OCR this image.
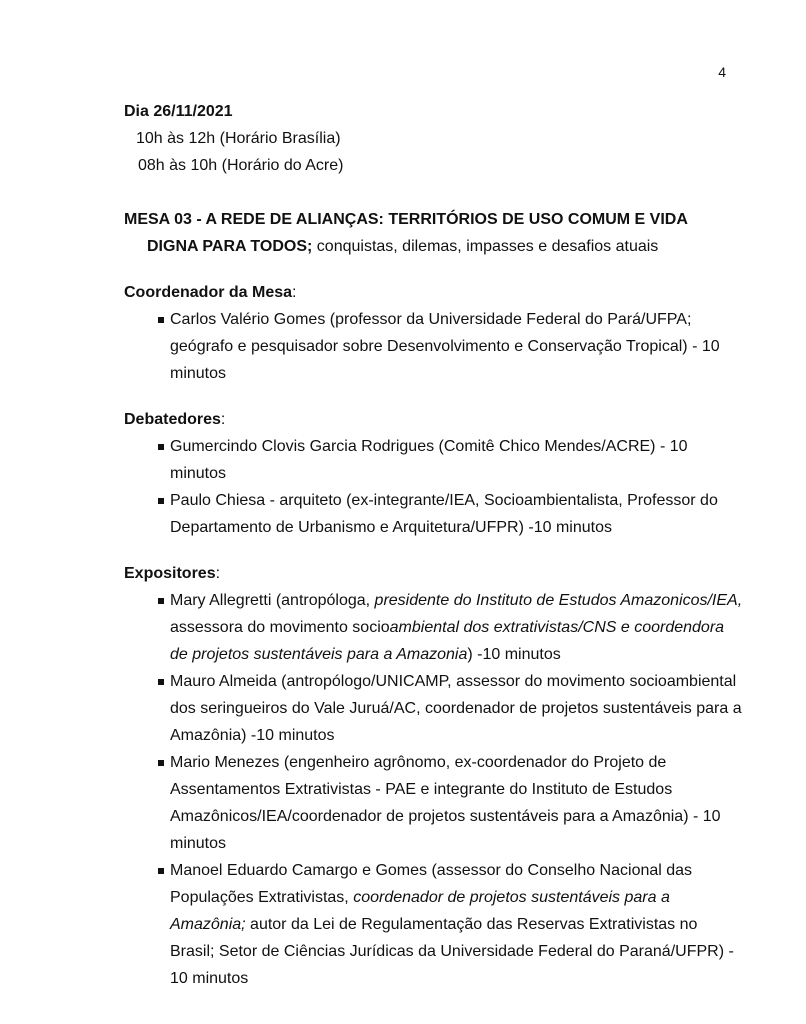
4
Dia 26/11/2021
10h às 12h (Horário Brasília)
08h às 10h (Horário do Acre)
MESA 03 - A REDE DE ALIANÇAS: TERRITÓRIOS DE USO COMUM E VIDA
DIGNA PARA TODOS; conquistas, dilemas, impasses e desafios atuais
Coordenador da Mesa:
Carlos Valério Gomes (professor da Universidade Federal do Pará/UFPA; geógrafo e pesquisador sobre Desenvolvimento e Conservação Tropical) - 10 minutos
Debatedores:
Gumercindo Clovis Garcia Rodrigues (Comitê Chico Mendes/ACRE) - 10 minutos
Paulo Chiesa - arquiteto (ex-integrante/IEA, Socioambientalista, Professor do Departamento de Urbanismo e Arquitetura/UFPR) -10 minutos
Expositores:
Mary Allegretti (antropóloga, presidente do Instituto de Estudos Amazonicos/IEA, assessora do movimento socioambiental dos extrativistas/CNS e coordendora de projetos sustentáveis para a Amazonia) -10 minutos
Mauro Almeida (antropólogo/UNICAMP, assessor do movimento socioambiental dos seringueiros do Vale Juruá/AC, coordenador de projetos sustentáveis para a Amazônia) -10 minutos
Mario Menezes (engenheiro agrônomo, ex-coordenador do Projeto de Assentamentos Extrativistas - PAE e integrante do Instituto de Estudos Amazônicos/IEA/coordenador de projetos sustentáveis para a Amazônia) - 10 minutos
Manoel Eduardo Camargo e Gomes (assessor do Conselho Nacional das Populações Extrativistas, coordenador de projetos sustentáveis para a Amazônia; autor da Lei de Regulamentação das Reservas Extrativistas no Brasil; Setor de Ciências Jurídicas da Universidade Federal do Paraná/UFPR) - 10 minutos
